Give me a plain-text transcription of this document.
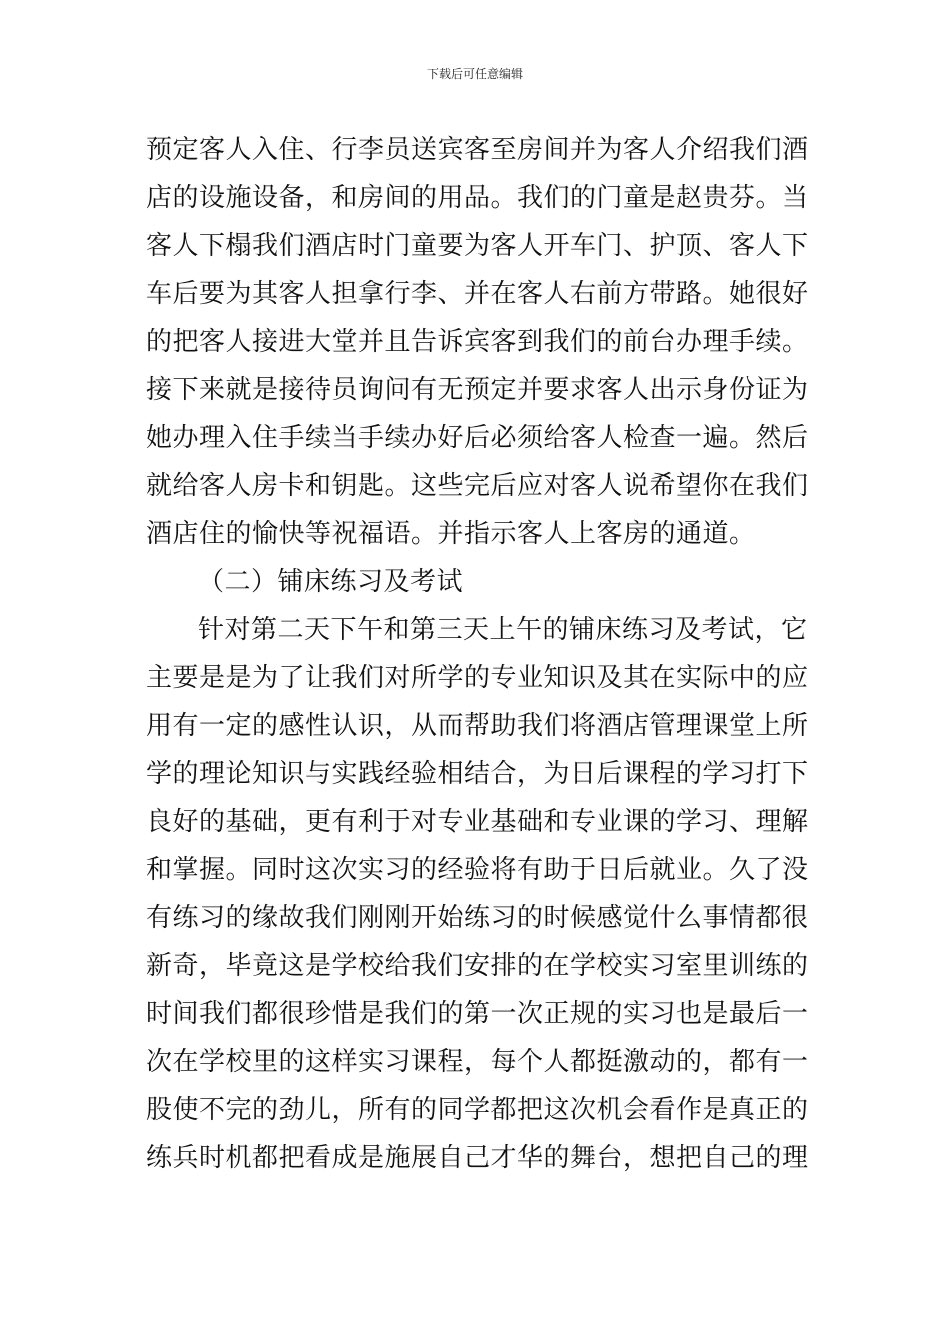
下载后可任意编辑
预定客人入住、行李员送宾客至房间并为客人介绍我们酒
店的设施设备，和房间的用品。我们的门童是赵贵芬。当
客人下榻我们酒店时门童要为客人开车门、护顶、客人下
车后要为其客人担拿行李、并在客人右前方带路。她很好
的把客人接进大堂并且告诉宾客到我们的前台办理手续。
接下来就是接待员询问有无预定并要求客人出示身份证为
她办理入住手续当手续办好后必须给客人检查一遍。然后
就给客人房卡和钥匙。这些完后应对客人说希望你在我们
酒店住的愉快等祝福语。并指示客人上客房的通道。
（二）铺床练习及考试
针对第二天下午和第三天上午的铺床练习及考试，它
主要是是为了让我们对所学的专业知识及其在实际中的应
用有一定的感性认识，从而帮助我们将酒店管理课堂上所
学的理论知识与实践经验相结合，为日后课程的学习打下
良好的基础，更有利于对专业基础和专业课的学习、理解
和掌握。同时这次实习的经验将有助于日后就业。久了没
有练习的缘故我们刚刚开始练习的时候感觉什么事情都很
新奇，毕竟这是学校给我们安排的在学校实习室里训练的
时间我们都很珍惜是我们的第一次正规的实习也是最后一
次在学校里的这样实习课程，每个人都挺激动的，都有一
股使不完的劲儿，所有的同学都把这次机会看作是真正的
练兵时机都把看成是施展自己才华的舞台，想把自己的理
